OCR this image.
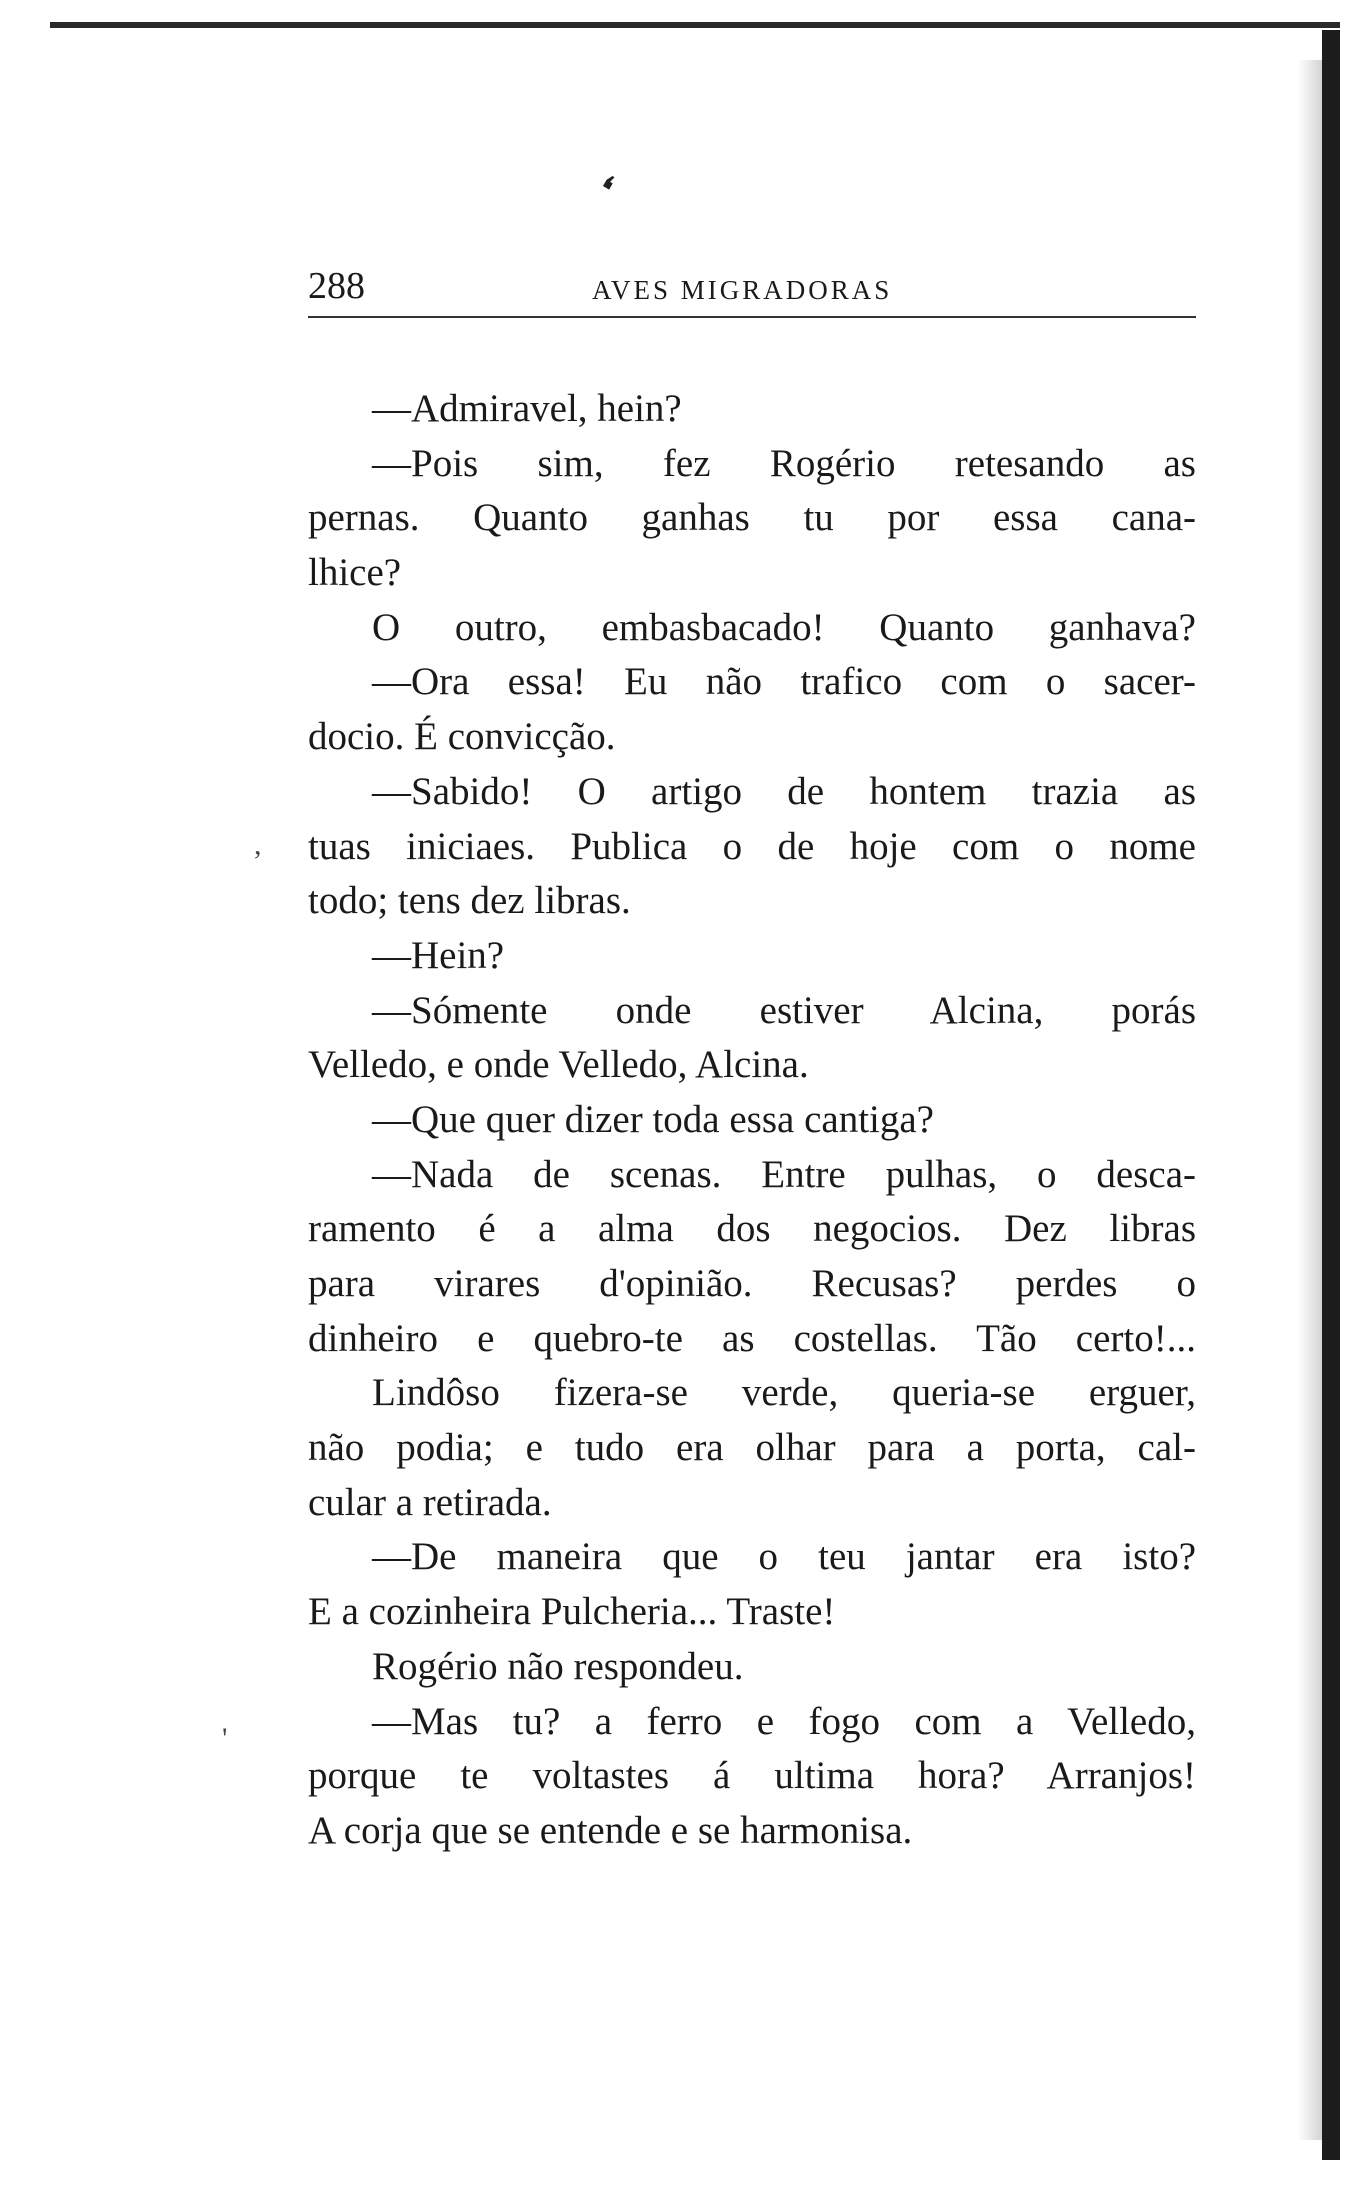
❛
288	AVES MIGRADORAS
—Admiravel, hein?
—Pois sim, fez Rogério retesando as
pernas. Quanto ganhas tu por essa cana-
lhice?
O outro, embasbacado! Quanto ganhava?
—Ora essa! Eu não trafico com o sacer-
docio. É convicção.
—Sabido! O artigo de hontem trazia as
tuas iniciaes. Publica o de hoje com o nome
todo; tens dez libras.
—Hein?
—Sómente onde estiver Alcina, porás
Velledo, e onde Velledo, Alcina.
—Que quer dizer toda essa cantiga?
—Nada de scenas. Entre pulhas, o desca-
ramento é a alma dos negocios. Dez libras
para virares d'opinião. Recusas? perdes o
dinheiro e quebro-te as costellas. Tão certo!...
Lindôso fizera-se verde, queria-se erguer,
não podia; e tudo era olhar para a porta, cal-
cular a retirada.
—De maneira que o teu jantar era isto?
E a cozinheira Pulcheria... Traste!
Rogério não respondeu.
—Mas tu? a ferro e fogo com a Velledo,
porque te voltastes á ultima hora? Arranjos!
A corja que se entende e se harmonisa.
,
'
